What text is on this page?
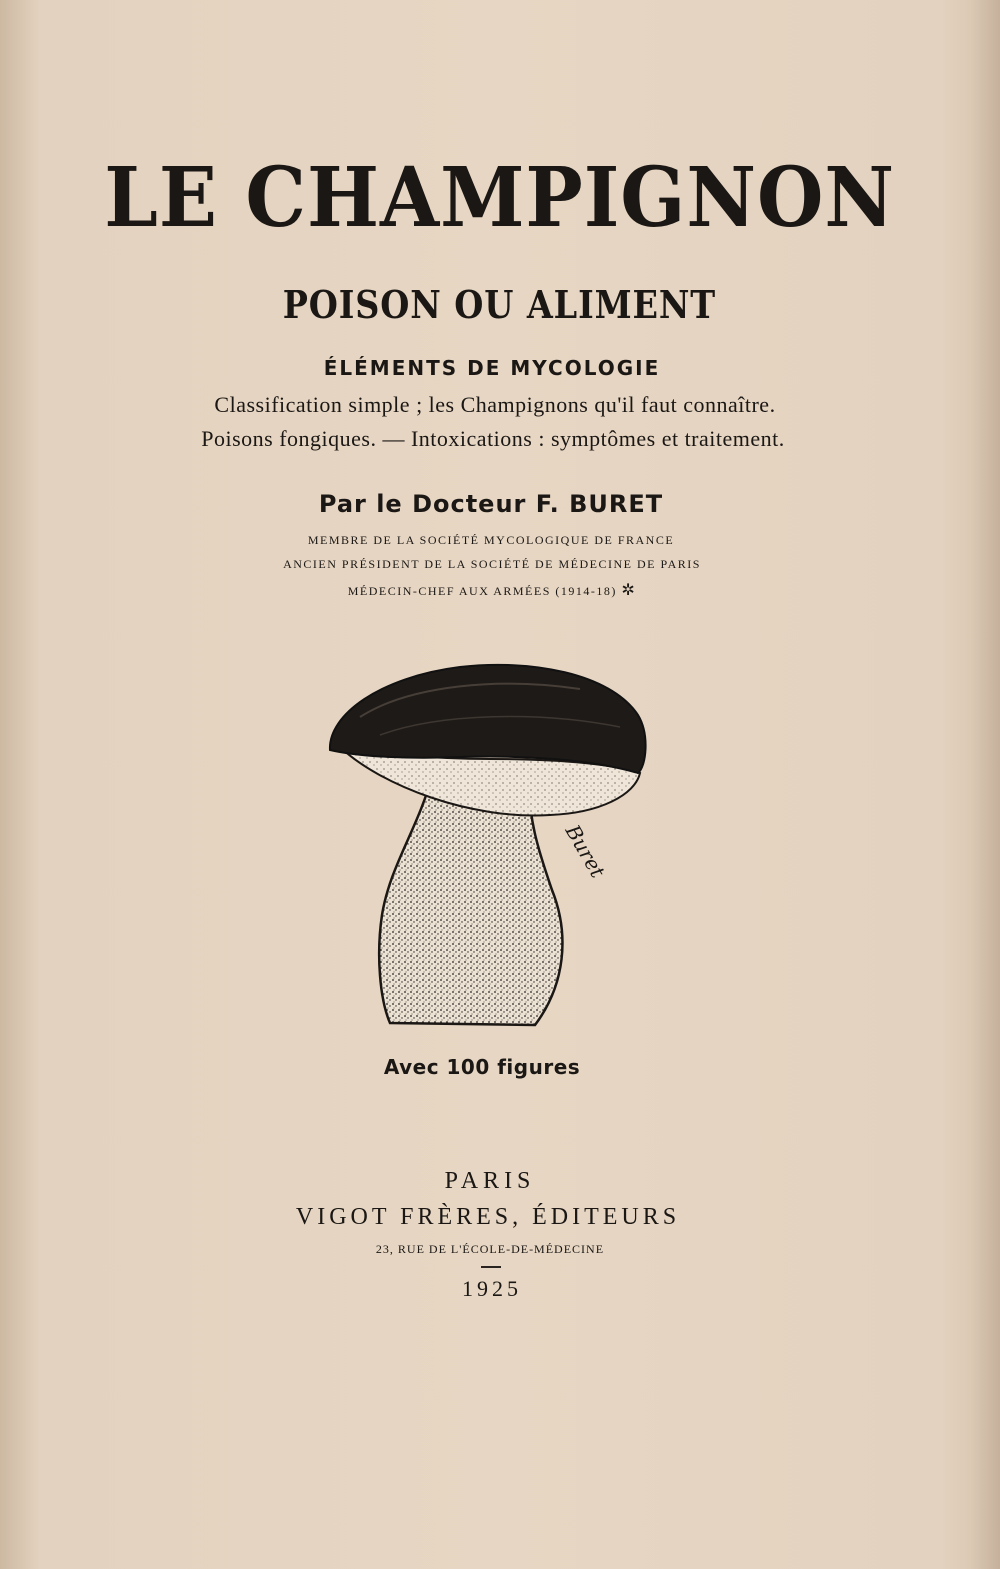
LE CHAMPIGNON
POISON OU ALIMENT
ÉLÉMENTS DE MYCOLOGIE
Classification simple ; les Champignons qu'il faut connaître.
Poisons fongiques. — Intoxications : symptômes et traitement.
Par le Docteur F. BURET
MEMBRE DE LA SOCIÉTÉ MYCOLOGIQUE DE FRANCE
ANCIEN PRÉSIDENT DE LA SOCIÉTÉ DE MÉDECINE DE PARIS
MÉDECIN-CHEF AUX ARMÉES (1914-18) ✲
Buret
Avec 100 figures
PARIS
VIGOT FRÈRES, ÉDITEURS
23, RUE DE L'ÉCOLE-DE-MÉDECINE
1925
